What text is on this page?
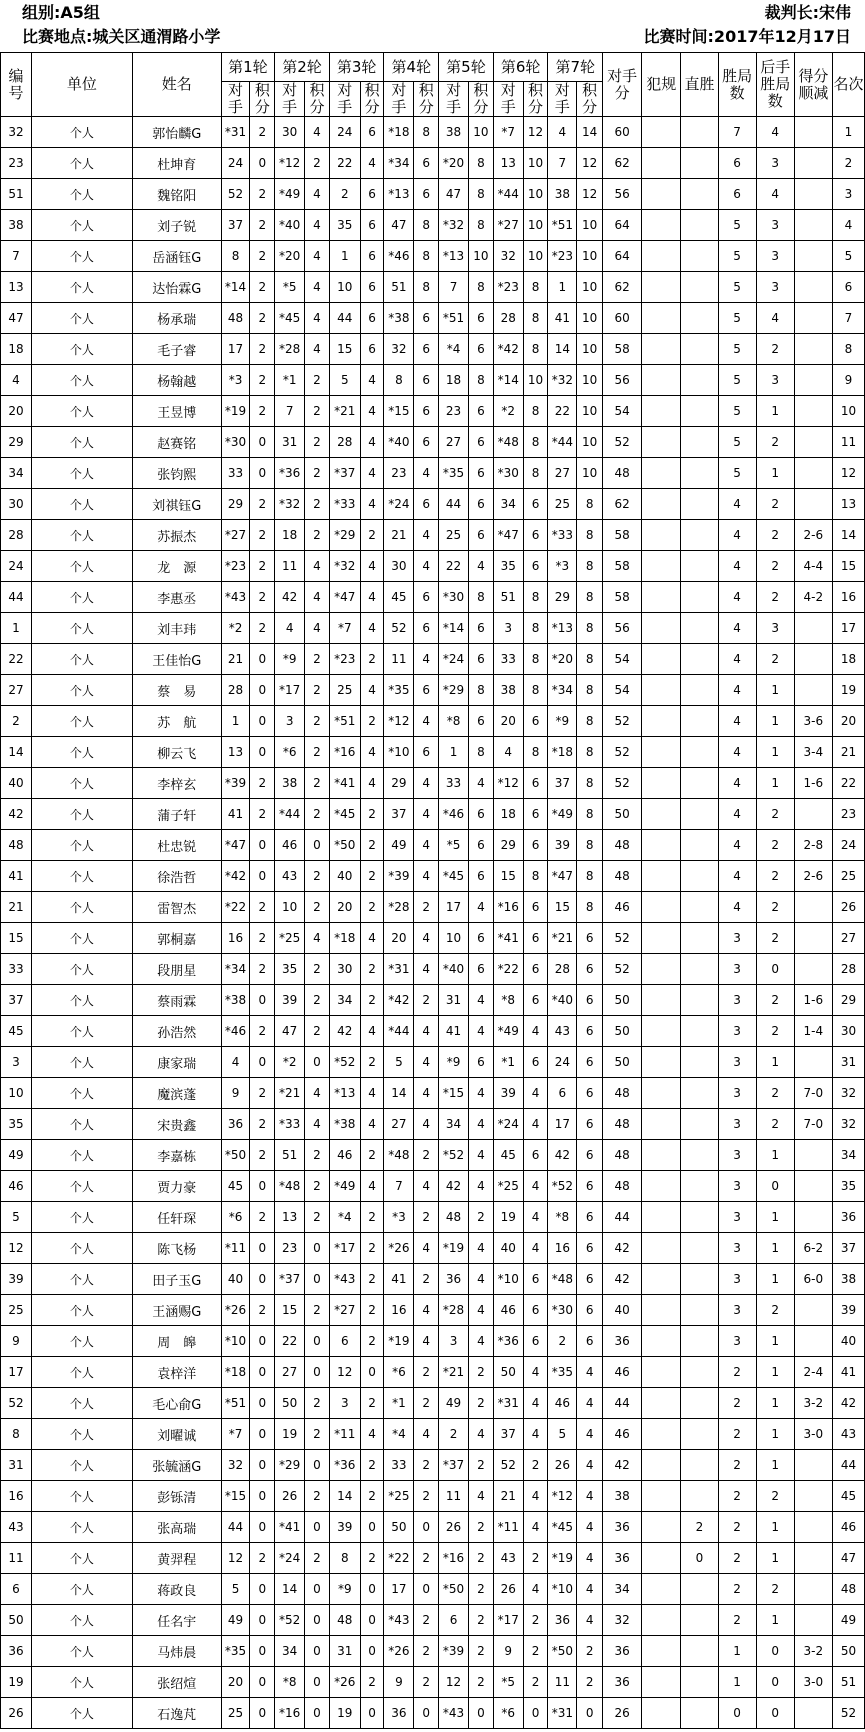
组别:A5组	裁判长:宋伟
比赛地点:城关区通渭路小学	比赛时间:2017年12月17日
编号	单位	姓名	第1轮		第2轮		第3轮		第4轮		第5轮		第6轮		第7轮		对手分	犯规	直胜	胜局数	后手胜局数	得分顺减	名次
			对手	积分	对手	积分	对手	积分	对手	积分	对手	积分	对手	积分	对手	积分							
32	个人	郭怡麟G	*31	2	30	4	24	6	*18	8	38	10	*7	12	4	14	60			7	4		1
23	个人	杜坤育	24	0	*12	2	22	4	*34	6	*20	8	13	10	7	12	62			6	3		2
51	个人	魏铭阳	52	2	*49	4	2	6	*13	6	47	8	*44	10	38	12	56			6	4		3
38	个人	刘子锐	37	2	*40	4	35	6	47	8	*32	8	*27	10	*51	10	64			5	3		4
7	个人	岳涵钰G	8	2	*20	4	1	6	*46	8	*13	10	32	10	*23	10	64			5	3		5
13	个人	达怡霖G	*14	2	*5	4	10	6	51	8	7	8	*23	8	1	10	62			5	3		6
47	个人	杨承瑞	48	2	*45	4	44	6	*38	6	*51	6	28	8	41	10	60			5	4		7
18	个人	毛子睿	17	2	*28	4	15	6	32	6	*4	6	*42	8	14	10	58			5	2		8
4	个人	杨翰越	*3	2	*1	2	5	4	8	6	18	8	*14	10	*32	10	56			5	3		9
20	个人	王昱博	*19	2	7	2	*21	4	*15	6	23	6	*2	8	22	10	54			5	1		10
29	个人	赵赛铭	*30	0	31	2	28	4	*40	6	27	6	*48	8	*44	10	52			5	2		11
34	个人	张钧熙	33	0	*36	2	*37	4	23	4	*35	6	*30	8	27	10	48			5	1		12
30	个人	刘祺钰G	29	2	*32	2	*33	4	*24	6	44	6	34	6	25	8	62			4	2		13
28	个人	苏振杰	*27	2	18	2	*29	2	21	4	25	6	*47	6	*33	8	58			4	2	2-6	14
24	个人	龙　源	*23	2	11	4	*32	4	30	4	22	4	35	6	*3	8	58			4	2	4-4	15
44	个人	李惠丞	*43	2	42	4	*47	4	45	6	*30	8	51	8	29	8	58			4	2	4-2	16
1	个人	刘丰玮	*2	2	4	4	*7	4	52	6	*14	6	3	8	*13	8	56			4	3		17
22	个人	王佳怡G	21	0	*9	2	*23	2	11	4	*24	6	33	8	*20	8	54			4	2		18
27	个人	蔡　易	28	0	*17	2	25	4	*35	6	*29	8	38	8	*34	8	54			4	1		19
2	个人	苏　航	1	0	3	2	*51	2	*12	4	*8	6	20	6	*9	8	52			4	1	3-6	20
14	个人	柳云飞	13	0	*6	2	*16	4	*10	6	1	8	4	8	*18	8	52			4	1	3-4	21
40	个人	李梓玄	*39	2	38	2	*41	4	29	4	33	4	*12	6	37	8	52			4	1	1-6	22
42	个人	蒲子轩	41	2	*44	2	*45	2	37	4	*46	6	18	6	*49	8	50			4	2		23
48	个人	杜忠锐	*47	0	46	0	*50	2	49	4	*5	6	29	6	39	8	48			4	2	2-8	24
41	个人	徐浩哲	*42	0	43	2	40	2	*39	4	*45	6	15	8	*47	8	48			4	2	2-6	25
21	个人	雷智杰	*22	2	10	2	20	2	*28	2	17	4	*16	6	15	8	46			4	2		26
15	个人	郭桐嘉	16	2	*25	4	*18	4	20	4	10	6	*41	6	*21	6	52			3	2		27
33	个人	段朋星	*34	2	35	2	30	2	*31	4	*40	6	*22	6	28	6	52			3	0		28
37	个人	蔡雨霖	*38	0	39	2	34	2	*42	2	31	4	*8	6	*40	6	50			3	2	1-6	29
45	个人	孙浩然	*46	2	47	2	42	4	*44	4	41	4	*49	4	43	6	50			3	2	1-4	30
3	个人	康家瑞	4	0	*2	0	*52	2	5	4	*9	6	*1	6	24	6	50			3	1		31
10	个人	魔滨蓬	9	2	*21	4	*13	4	14	4	*15	4	39	4	6	6	48			3	2	7-0	32
35	个人	宋贵鑫	36	2	*33	4	*38	4	27	4	34	4	*24	4	17	6	48			3	2	7-0	32
49	个人	李嘉栋	*50	2	51	2	46	2	*48	2	*52	4	45	6	42	6	48			3	1		34
46	个人	贾力豪	45	0	*48	2	*49	4	7	4	42	4	*25	4	*52	6	48			3	0		35
5	个人	任轩琛	*6	2	13	2	*4	2	*3	2	48	2	19	4	*8	6	44			3	1		36
12	个人	陈飞杨	*11	0	23	0	*17	2	*26	4	*19	4	40	4	16	6	42			3	1	6-2	37
39	个人	田子玉G	40	0	*37	0	*43	2	41	2	36	4	*10	6	*48	6	42			3	1	6-0	38
25	个人	王涵赐G	*26	2	15	2	*27	2	16	4	*28	4	46	6	*30	6	40			3	2		39
9	个人	周　皞	*10	0	22	0	6	2	*19	4	3	4	*36	6	2	6	36			3	1		40
17	个人	袁梓洋	*18	0	27	0	12	0	*6	2	*21	2	50	4	*35	4	46			2	1	2-4	41
52	个人	毛心俞G	*51	0	50	2	3	2	*1	2	49	2	*31	4	46	4	44			2	1	3-2	42
8	个人	刘曜诚	*7	0	19	2	*11	4	*4	4	2	4	37	4	5	4	46			2	1	3-0	43
31	个人	张毓涵G	32	0	*29	0	*36	2	33	2	*37	2	52	2	26	4	42			2	1		44
16	个人	彭铄清	*15	0	26	2	14	2	*25	2	11	4	21	4	*12	4	38			2	2		45
43	个人	张高瑞	44	0	*41	0	39	0	50	0	26	2	*11	4	*45	4	36		2	2	1		46
11	个人	黄羿程	12	2	*24	2	8	2	*22	2	*16	2	43	2	*19	4	36		0	2	1		47
6	个人	蒋政良	5	0	14	0	*9	0	17	0	*50	2	26	4	*10	4	34			2	2		48
50	个人	任名宇	49	0	*52	0	48	0	*43	2	6	2	*17	2	36	4	32			2	1		49
36	个人	马炜晨	*35	0	34	0	31	0	*26	2	*39	2	9	2	*50	2	36			1	0	3-2	50
19	个人	张绍煊	20	0	*8	0	*26	2	9	2	12	2	*5	2	11	2	36			1	0	3-0	51
26	个人	石逸芃	25	0	*16	0	19	0	36	0	*43	0	*6	0	*31	0	26			0	0		52
